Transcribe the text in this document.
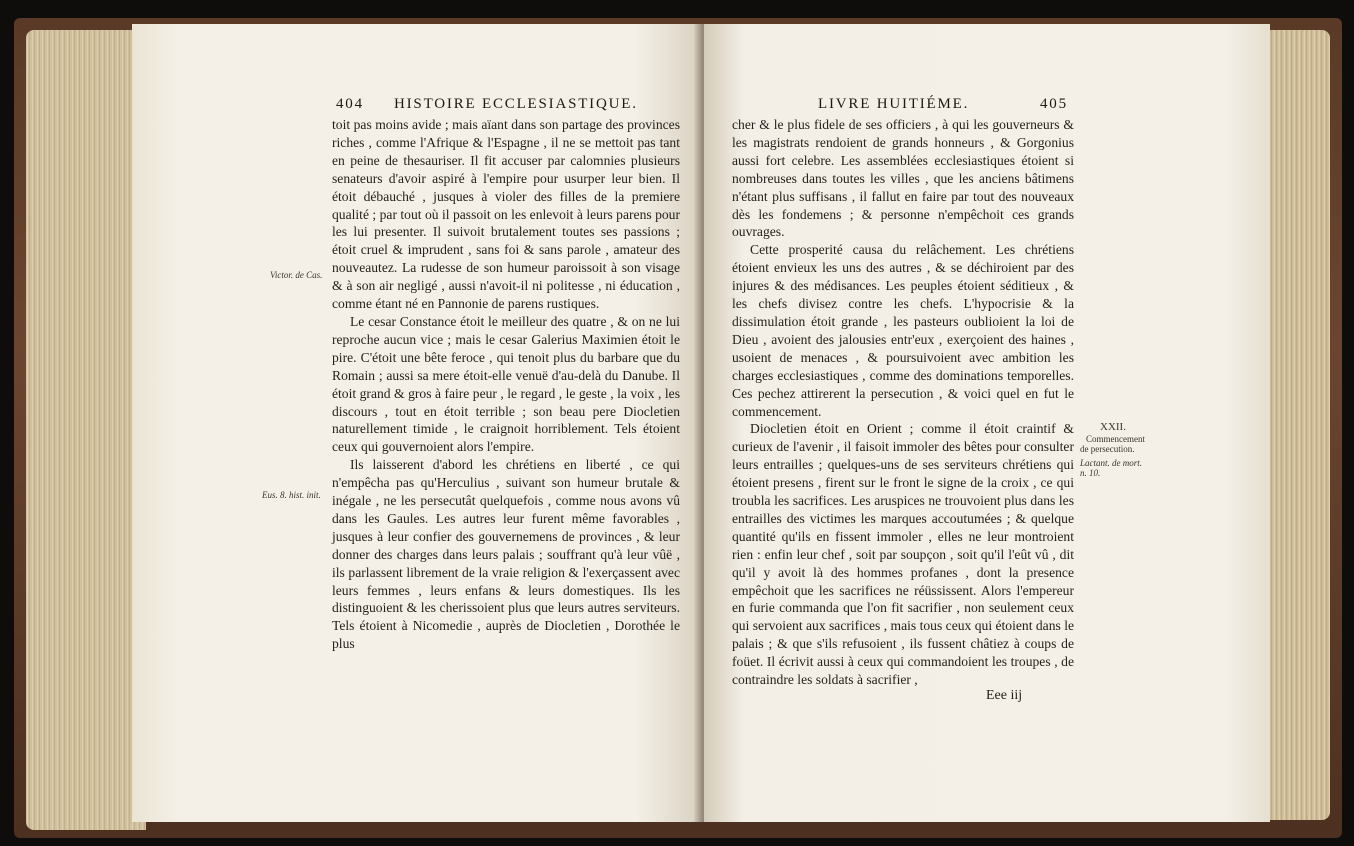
404 HISTOIRE ECCLESIASTIQUE.

toit pas moins avide ; mais aïant dans son partage des provinces riches , comme l'Afrique & l'Espagne , il ne se mettoit pas tant en peine de thesauriser. Il fit accuser par calomnies plusieurs senateurs d'avoir aspiré à l'empire pour usurper leur bien. Il étoit débauché , jusques à violer des filles de la premiere qualité ; par tout où il passoit on les enlevoit à leurs parens pour les lui presenter. Il suivoit brutalement toutes ses passions ; étoit cruel & imprudent , sans foi & sans parole , amateur des nouveautez. La rudesse de son humeur paroissoit à son visage & à son air negligé , aussi n'avoit-il ni politesse , ni éducation , comme étant né en Pannonie de parens rustiques.

Le cesar Constance étoit le meilleur des quatre , & on ne lui reproche aucun vice ; mais le cesar Galerius Maximien étoit le pire. C'étoit une bête feroce , qui tenoit plus du barbare que du Romain ; aussi sa mere étoit-elle venuë d'au-delà du Danube. Il étoit grand & gros à faire peur , le regard , le geste , la voix , les discours , tout en étoit terrible ; son beau pere Diocletien naturellement timide , le craignoit horriblement. Tels étoient ceux qui gouvernoient alors l'empire.

Ils laisserent d'abord les chrétiens en liberté , ce qui n'empêcha pas qu'Herculius , suivant son humeur brutale & inégale , ne les persecutât quelquefois , comme nous avons vû dans les Gaules. Les autres leur furent même favorables , jusques à leur confier des gouvernemens de provinces , & leur donner des charges dans leurs palais ; souffrant qu'à leur vûë , ils parlassent librement de la vraie religion & l'exerçassent avec leurs femmes , leurs enfans & leurs domestiques. Ils les distinguoient & les cherissoient plus que leurs autres serviteurs. Tels étoient à Nicomedie , auprès de Diocletien , Dorothée le plus

Victor. de Cas.
Eus. 8. hist. init.
LIVRE HUITIÉME.	405

cher & le plus fidele de ses officiers , à qui les gouverneurs & les magistrats rendoient de grands honneurs , & Gorgonius aussi fort celebre. Les assemblées ecclesiastiques étoient si nombreuses dans toutes les villes , que les anciens bâtimens n'étant plus suffisans , il fallut en faire par tout des nouveaux dès les fondemens ; & personne n'empêchoit ces grands ouvrages.

Cette prosperité causa du relâchement. Les chrétiens étoient envieux les uns des autres , & se déchiroient par des injures & des médisances. Les peuples étoient séditieux , & les chefs divisez contre les chefs. L'hypocrisie & la dissimulation étoit grande , les pasteurs oublioient la loi de Dieu , avoient des jalousies entr'eux , exerçoient des haines , usoient de menaces , & poursuivoient avec ambition les charges ecclesiastiques , comme des dominations temporelles. Ces pechez attirerent la persecution , & voici quel en fut le commencement.

Diocletien étoit en Orient ; comme il étoit craintif & curieux de l'avenir , il faisoit immoler des bêtes pour consulter leurs entrailles ; quelques-uns de ses serviteurs chrétiens qui étoient presens , firent sur le front le signe de la croix , ce qui troubla les sacrifices. Les aruspices ne trouvoient plus dans les entrailles des victimes les marques accoutumées ; & quelque quantité qu'ils en fissent immoler , elles ne leur montroient rien : enfin leur chef , soit par soupçon , soit qu'il l'eût vû , dit qu'il y avoit là des hommes profanes , dont la presence empêchoit que les sacrifices ne réüssissent. Alors l'empereur en furie commanda que l'on fit sacrifier , non seulement ceux qui servoient aux sacrifices , mais tous ceux qui étoient dans le palais ; & que s'ils refusoient , ils fussent châtiez à coups de foüet. Il écrivit aussi à ceux qui commandoient les troupes , de contraindre les soldats à sacrifier ,

XXII.
Commencement
de persecution.
Lactant. de mort.
n. 10.
Eee iij
